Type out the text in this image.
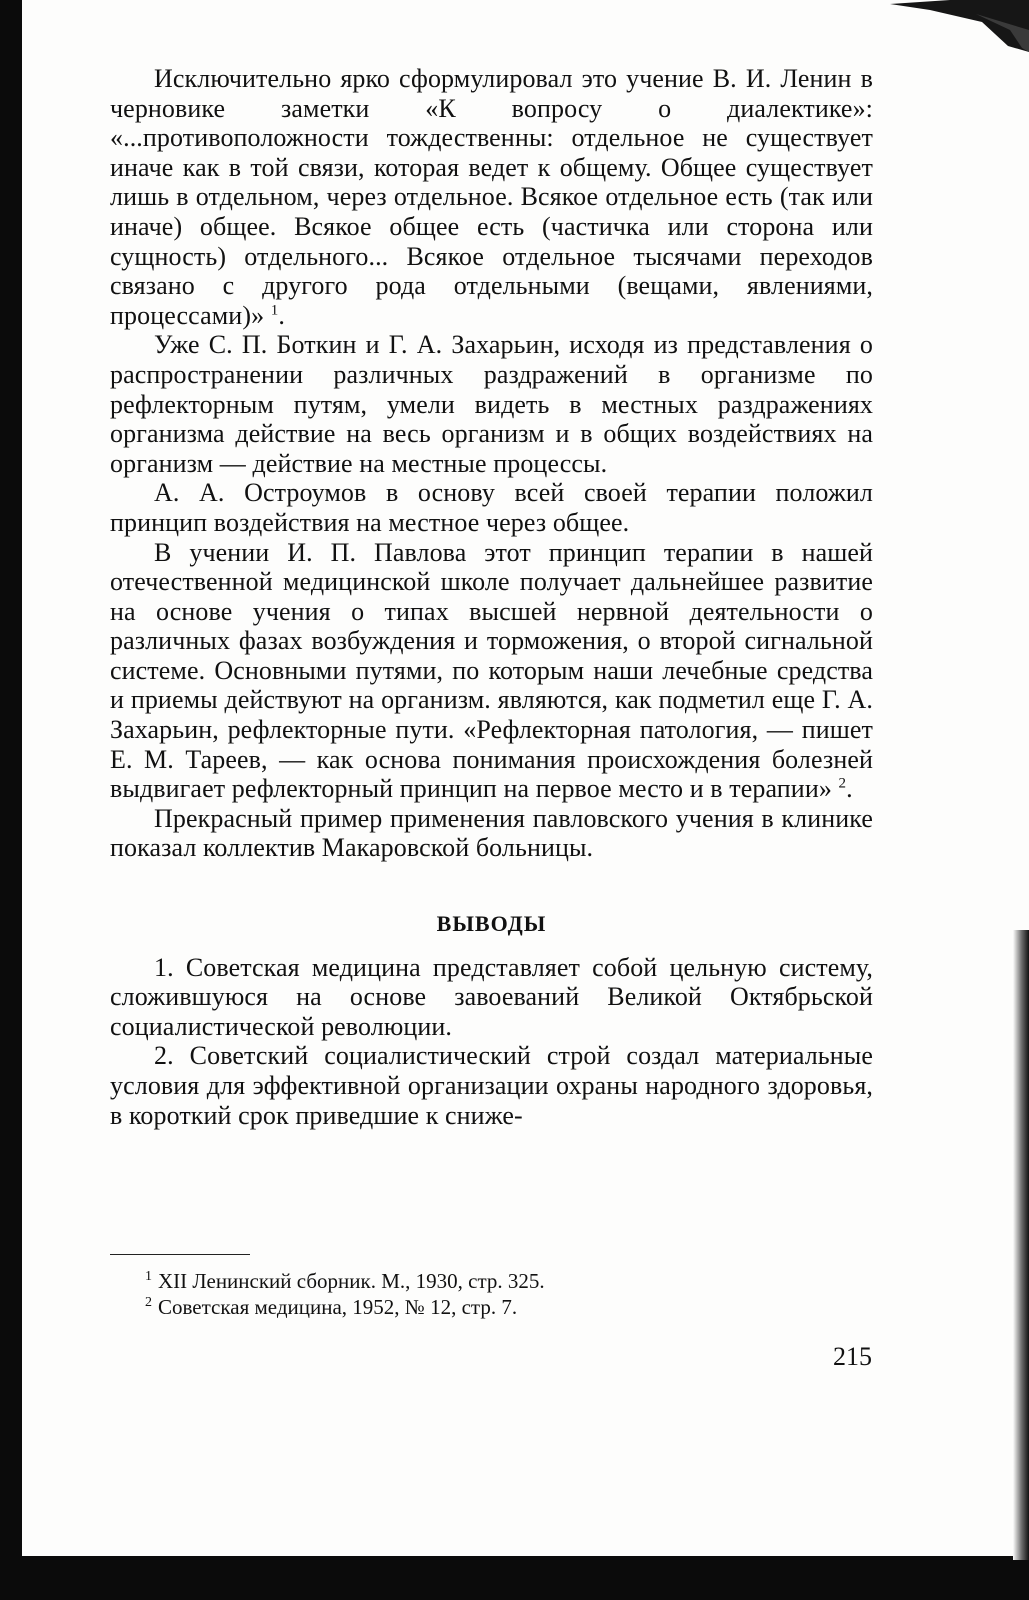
Исключительно ярко сформулировал это учение В. И. Ленин в черновике заметки «К вопросу о диалектике»: «...противоположности тождественны: отдельное не существует иначе как в той связи, которая ведет к общему. Общее существует лишь в отдельном, через отдельное. Всякое отдельное есть (так или иначе) общее. Всякое общее есть (частичка или сторона или сущность) отдельного... Всякое отдельное тысячами переходов связано с другого рода отдельными (вещами, явлениями, процессами)» $^1$.

Уже С. П. Боткин и Г. А. Захарьин, исходя из представления о распространении различных раздражений в организме по рефлекторным путям, умели видеть в местных раздражениях организма действие на весь организм и в общих воздействиях на организм — действие на местные процессы.

А. А. Остроумов в основу всей своей терапии положил принцип воздействия на местное через общее.

В учении И. П. Павлова этот принцип терапии в нашей отечественной медицинской школе получает дальнейшее развитие на основе учения о типах высшей нервной деятельности о различных фазах возбуждения и торможения, о второй сигнальной системе. Основными путями, по которым наши лечебные средства и приемы действуют на организм. являются, как подметил еще Г. А. Захарьин, рефлекторные пути. «Рефлекторная патология, — пишет Е. М. Тареев, — как основа понимания происхождения болезней выдвигает рефлекторный принцип на первое место и в терапии» $^2$.

Прекрасный пример применения павловского учения в клинике показал коллектив Макаровской больницы.

ВЫВОДЫ

1. Советская медицина представляет собой цельную систему, сложившуюся на основе завоеваний Великой Октябрьской социалистической революции.

2. Советский социалистический строй создал материальные условия для эффективной организации охраны народного здоровья, в короткий срок приведшие к сниже-

$^1$ XII Ленинский сборник. М., 1930, стр. 325.

$^2$ Советская медицина, 1952, № 12, стр. 7.

215
